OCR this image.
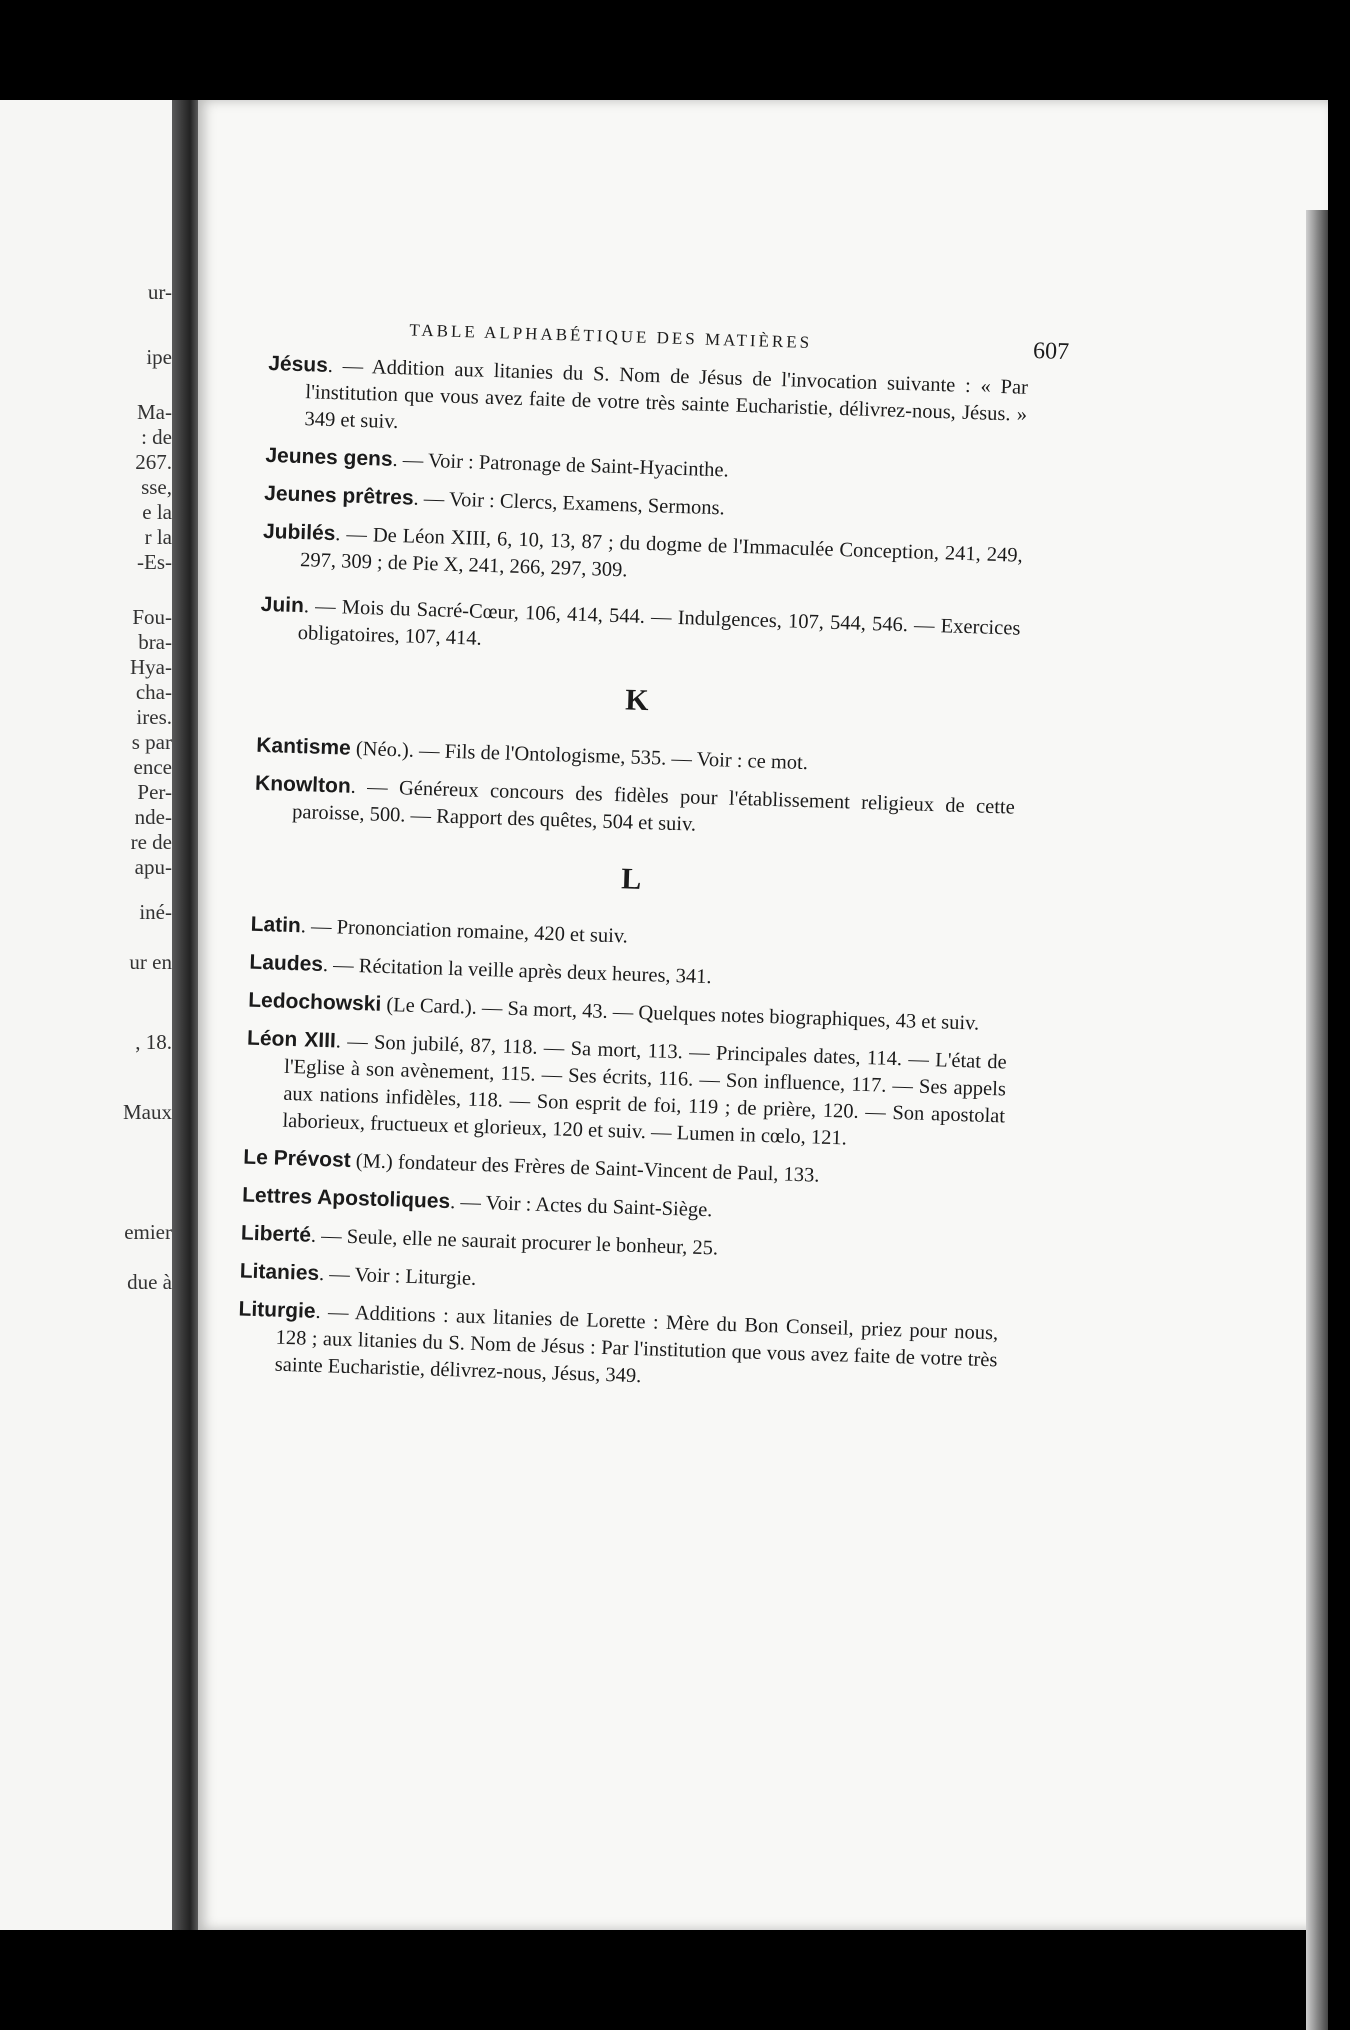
ur-
ipe
Ma-
: de
267.
sse,
e la
r la
-Es-
Fou-
bra-
Hya-
cha-
ires.
s par
ence
Per-
nde-
re de
apu-
iné-
ur en
, 18.
Maux
emier
due à
TABLE ALPHABÉTIQUE DES MATIÈRES	607

Jésus. — Addition aux litanies du S. Nom de Jésus de l'invocation suivante : « Par l'institution que vous avez faite de votre très sainte Eucharistie, délivrez-nous, Jésus. » 349 et suiv.

Jeunes gens. — Voir : Patronage de Saint-Hyacinthe.

Jeunes prêtres. — Voir : Clercs, Examens, Sermons.

Jubilés. — De Léon XIII, 6, 10, 13, 87 ; du dogme de l'Immaculée Conception, 241, 249, 297, 309 ; de Pie X, 241, 266, 297, 309.

Juin. — Mois du Sacré-Cœur, 106, 414, 544. — Indulgences, 107, 544, 546. — Exercices obligatoires, 107, 414.

K

Kantisme (Néo.). — Fils de l'Ontologisme, 535. — Voir : ce mot.

Knowlton. — Généreux concours des fidèles pour l'établissement religieux de cette paroisse, 500. — Rapport des quêtes, 504 et suiv.

L

Latin. — Prononciation romaine, 420 et suiv.

Laudes. — Récitation la veille après deux heures, 341.

Ledochowski (Le Card.). — Sa mort, 43. — Quelques notes biographiques, 43 et suiv.

Léon XIII. — Son jubilé, 87, 118. — Sa mort, 113. — Principales dates, 114. — L'état de l'Eglise à son avènement, 115. — Ses écrits, 116. — Son influence, 117. — Ses appels aux nations infidèles, 118. — Son esprit de foi, 119 ; de prière, 120. — Son apostolat laborieux, fructueux et glorieux, 120 et suiv. — Lumen in cœlo, 121.

Le Prévost (M.) fondateur des Frères de Saint-Vincent de Paul, 133.

Lettres Apostoliques. — Voir : Actes du Saint-Siège.

Liberté. — Seule, elle ne saurait procurer le bonheur, 25.

Litanies. — Voir : Liturgie.

Liturgie. — Additions : aux litanies de Lorette : Mère du Bon Conseil, priez pour nous, 128 ; aux litanies du S. Nom de Jésus : Par l'institution que vous avez faite de votre très sainte Eucharistie, délivrez-nous, Jésus, 349.
